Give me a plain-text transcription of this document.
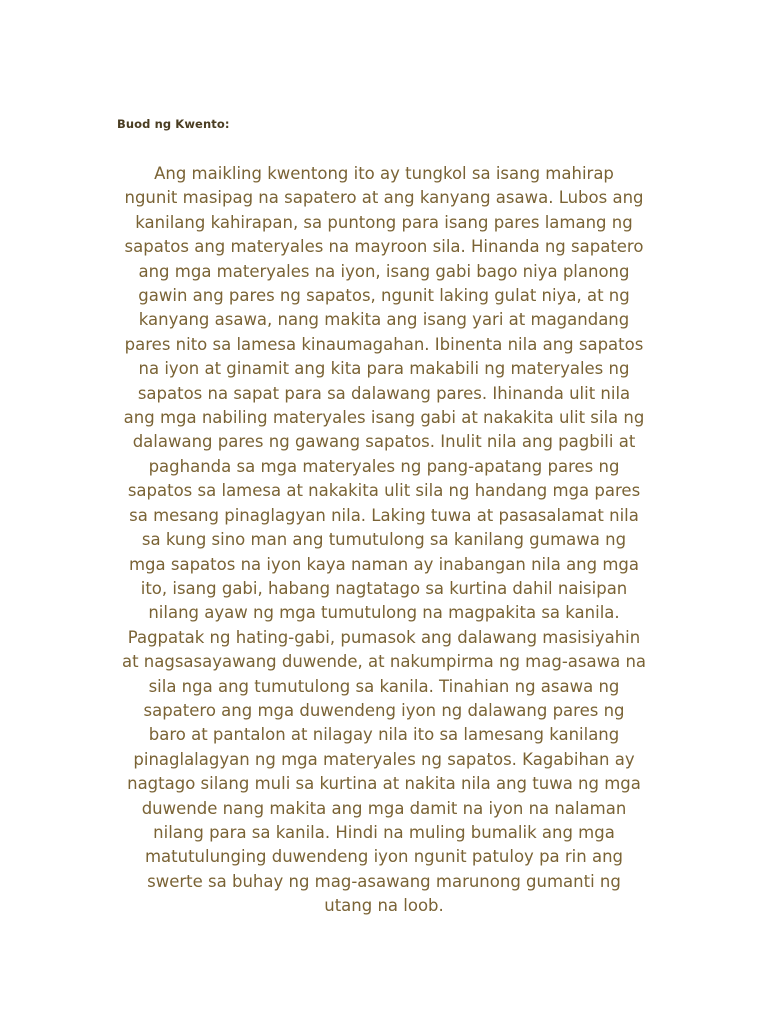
Buod ng Kwento:
Ang maikling kwentong ito ay tungkol sa isang mahirap
ngunit masipag na sapatero at ang kanyang asawa. Lubos ang
kanilang kahirapan, sa puntong para isang pares lamang ng
sapatos ang materyales na mayroon sila. Hinanda ng sapatero
ang mga materyales na iyon, isang gabi bago niya planong
gawin ang pares ng sapatos, ngunit laking gulat niya, at ng
kanyang asawa, nang makita ang isang yari at magandang
pares nito sa lamesa kinaumagahan. Ibinenta nila ang sapatos
na iyon at ginamit ang kita para makabili ng materyales ng
sapatos na sapat para sa dalawang pares. Ihinanda ulit nila
ang mga nabiling materyales isang gabi at nakakita ulit sila ng
dalawang pares ng gawang sapatos. Inulit nila ang pagbili at
paghanda sa mga materyales ng pang-apatang pares ng
sapatos sa lamesa at nakakita ulit sila ng handang mga pares
sa mesang pinaglagyan nila. Laking tuwa at pasasalamat nila
sa kung sino man ang tumutulong sa kanilang gumawa ng
mga sapatos na iyon kaya naman ay inabangan nila ang mga
ito, isang gabi, habang nagtatago sa kurtina dahil naisipan
nilang ayaw ng mga tumutulong na magpakita sa kanila.
Pagpatak ng hating-gabi, pumasok ang dalawang masisiyahin
at nagsasayawang duwende, at nakumpirma ng mag-asawa na
sila nga ang tumutulong sa kanila. Tinahian ng asawa ng
sapatero ang mga duwendeng iyon ng dalawang pares ng
baro at pantalon at nilagay nila ito sa lamesang kanilang
pinaglalagyan ng mga materyales ng sapatos. Kagabihan ay
nagtago silang muli sa kurtina at nakita nila ang tuwa ng mga
duwende nang makita ang mga damit na iyon na nalaman
nilang para sa kanila. Hindi na muling bumalik ang mga
matutulunging duwendeng iyon ngunit patuloy pa rin ang
swerte sa buhay ng mag-asawang marunong gumanti ng
utang na loob.
